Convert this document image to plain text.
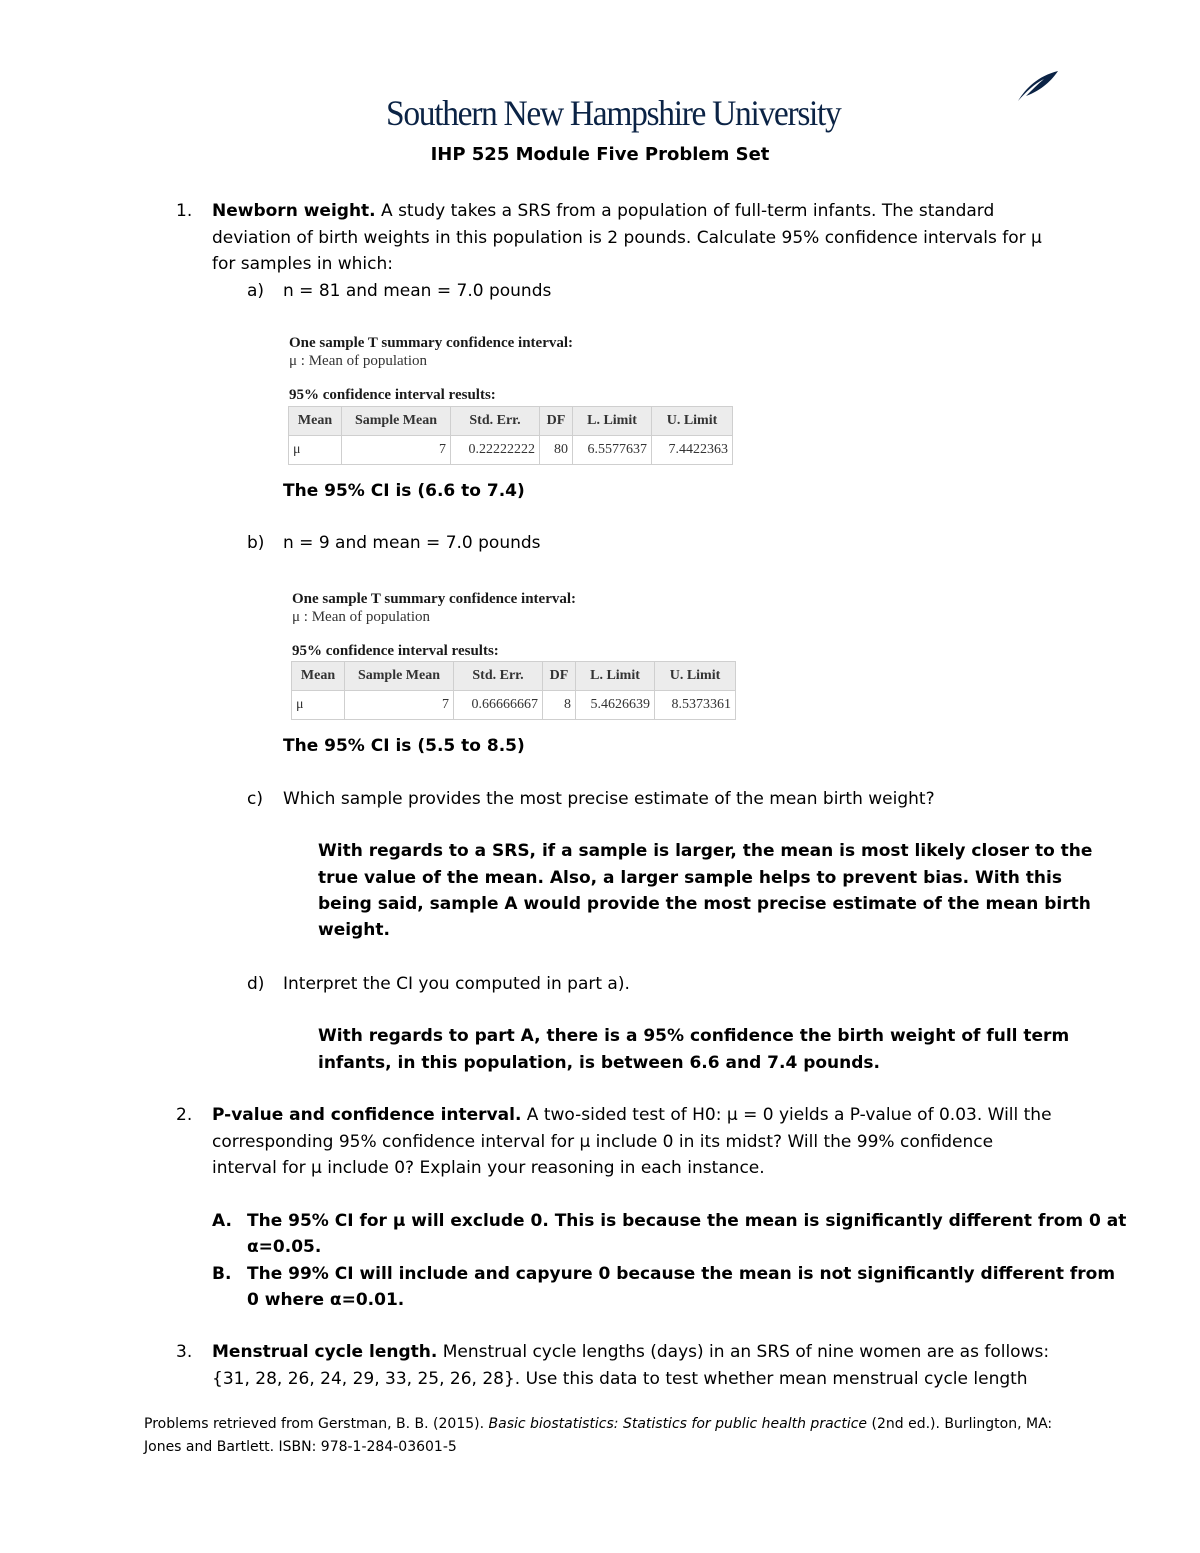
Southern New Hampshire University
IHP 525 Module Five Problem Set
1. Newborn weight. A study takes a SRS from a population of full-term infants. The standard
deviation of birth weights in this population is 2 pounds. Calculate 95% confidence intervals for μ
for samples in which:
a) n = 81 and mean = 7.0 pounds
One sample T summary confidence interval:
μ : Mean of population
95% confidence interval results:
Mean	Sample Mean	Std. Err.	DF	L. Limit	U. Limit
μ	7	0.22222222	80	6.5577637	7.4422363
The 95% CI is (6.6 to 7.4)
b) n = 9 and mean = 7.0 pounds
One sample T summary confidence interval:
μ : Mean of population
95% confidence interval results:
Mean	Sample Mean	Std. Err.	DF	L. Limit	U. Limit
μ	7	0.66666667	8	5.4626639	8.5373361
The 95% CI is (5.5 to 8.5)
c) Which sample provides the most precise estimate of the mean birth weight?
With regards to a SRS, if a sample is larger, the mean is most likely closer to the
true value of the mean. Also, a larger sample helps to prevent bias. With this
being said, sample A would provide the most precise estimate of the mean birth
weight.
d) Interpret the CI you computed in part a).
With regards to part A, there is a 95% confidence the birth weight of full term
infants, in this population, is between 6.6 and 7.4 pounds.
2. P-value and confidence interval. A two-sided test of H0: μ = 0 yields a P-value of 0.03. Will the
corresponding 95% confidence interval for μ include 0 in its midst? Will the 99% confidence
interval for μ include 0? Explain your reasoning in each instance.
A. The 95% CI for μ will exclude 0. This is because the mean is significantly different from 0 at
α=0.05.
B. The 99% CI will include and capyure 0 because the mean is not significantly different from
0 where α=0.01.
3. Menstrual cycle length. Menstrual cycle lengths (days) in an SRS of nine women are as follows:
{31, 28, 26, 24, 29, 33, 25, 26, 28}. Use this data to test whether mean menstrual cycle length
Problems retrieved from Gerstman, B. B. (2015). Basic biostatistics: Statistics for public health practice (2nd ed.). Burlington, MA:
Jones and Bartlett. ISBN: 978-1-284-03601-5
